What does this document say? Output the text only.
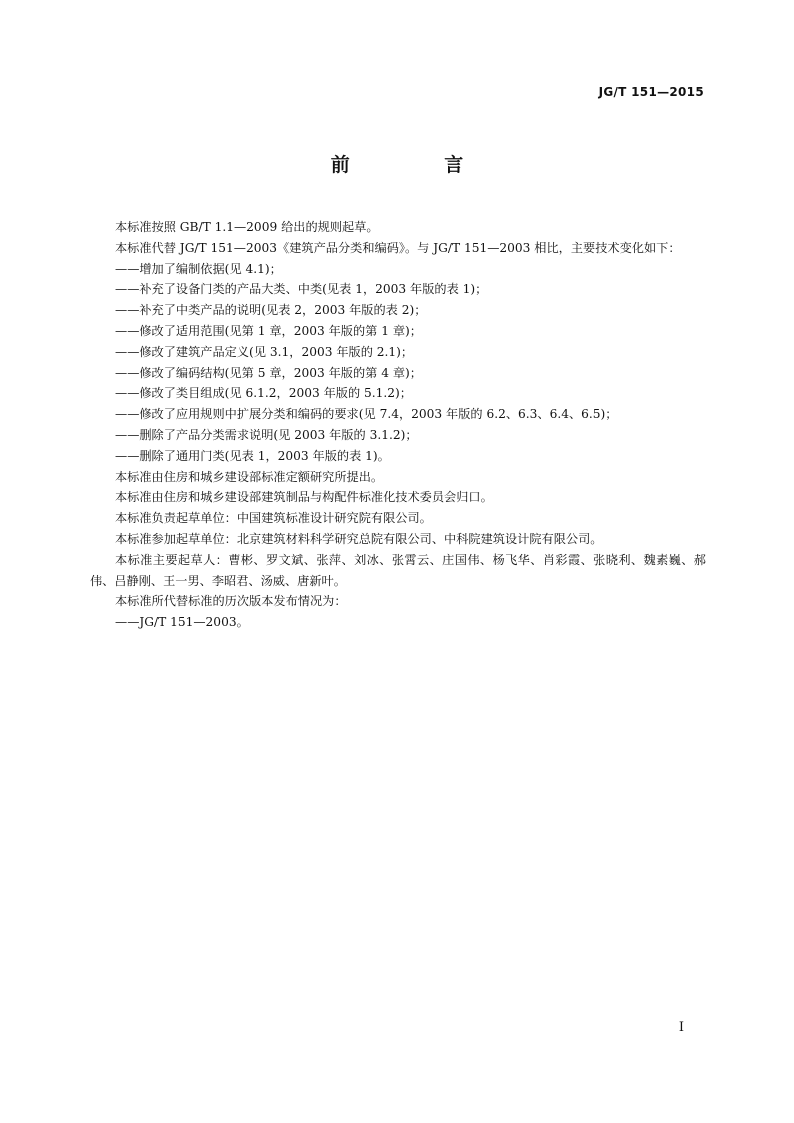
JG/T 151—2015
前 言

本标准按照 GB/T 1.1—2009 给出的规则起草。

本标准代替 JG/T 151—2003《建筑产品分类和编码》。与 JG/T 151—2003 相比，主要技术变化如下：

——增加了编制依据(见 4.1)；

——补充了设备门类的产品大类、中类(见表 1，2003 年版的表 1)；

——补充了中类产品的说明(见表 2，2003 年版的表 2)；

——修改了适用范围(见第 1 章，2003 年版的第 1 章)；

——修改了建筑产品定义(见 3.1，2003 年版的 2.1)；

——修改了编码结构(见第 5 章，2003 年版的第 4 章)；

——修改了类目组成(见 6.1.2，2003 年版的 5.1.2)；

——修改了应用规则中扩展分类和编码的要求(见 7.4，2003 年版的 6.2、6.3、6.4、6.5)；

——删除了产品分类需求说明(见 2003 年版的 3.1.2)；

——删除了通用门类(见表 1，2003 年版的表 1)。

本标准由住房和城乡建设部标准定额研究所提出。

本标准由住房和城乡建设部建筑制品与构配件标准化技术委员会归口。

本标准负责起草单位：中国建筑标准设计研究院有限公司。

本标准参加起草单位：北京建筑材料科学研究总院有限公司、中科院建筑设计院有限公司。

本标准主要起草人：曹彬、罗文斌、张萍、刘冰、张霄云、庄国伟、杨飞华、肖彩霞、张晓利、魏素巍、郝伟、吕静刚、王一男、李昭君、汤威、唐新叶。

本标准所代替标准的历次版本发布情况为：

——JG/T 151—2003。

I
